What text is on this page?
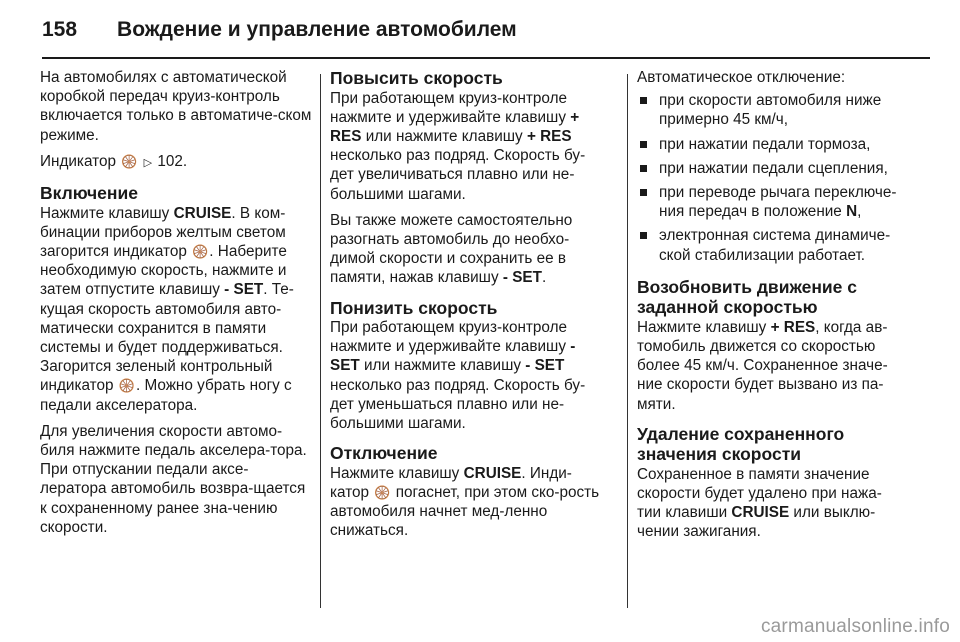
158 Вождение и управление автомобилем

На автомобилях с автоматической коробкой передач круиз-контроль включается только в автоматиче-ском режиме.

Индикатор 🛞 ▷ 102.

Включение

Нажмите клавишу CRUISE. В ком-бинации приборов желтым светом загорится индикатор 🛞. Наберите необходимую скорость, нажмите и затем отпустите клавишу - SET. Те-кущая скорость автомобиля авто-матически сохранится в памяти системы и будет поддерживаться. Загорится зеленый контрольный индикатор 🛞. Можно убрать ногу с педали акселератора.

Для увеличения скорости автомо-биля нажмите педаль акселера-тора. При отпускании педали аксе-лератора автомобиль возвра-щается к сохраненному ранее зна-чению скорости.

Повысить скорость

При работающем круиз-контроле нажмите и удерживайте клавишу + RES или нажмите клавишу + RES несколько раз подряд. Скорость бу-дет увеличиваться плавно или не-большими шагами.

Вы также можете самостоятельно разогнать автомобиль до необхо-димой скорости и сохранить ее в памяти, нажав клавишу - SET.

Понизить скорость

При работающем круиз-контроле нажмите и удерживайте клавишу - SET или нажмите клавишу - SET несколько раз подряд. Скорость бу-дет уменьшаться плавно или не-большими шагами.

Отключение

Нажмите клавишу CRUISE. Инди-катор 🛞 погаснет, при этом ско-рость автомобиля начнет мед-ленно снижаться.

Автоматическое отключение:

при скорости автомобиля ниже примерно 45 км/ч,
при нажатии педали тормоза,
при нажатии педали сцепления,
при переводе рычага переключе-ния передач в положение N,
электронная система динамиче-ской стабилизации работает.
Возобновить движение с заданной скоростью

Нажмите клавишу + RES, когда ав-томобиль движется со скоростью более 45 км/ч. Сохраненное значе-ние скорости будет вызвано из па-мяти.

Удаление сохраненного значения скорости

Сохраненное в памяти значение скорости будет удалено при нажа-тии клавиши CRUISE или выклю-чении зажигания.

carmanualsonline.info
